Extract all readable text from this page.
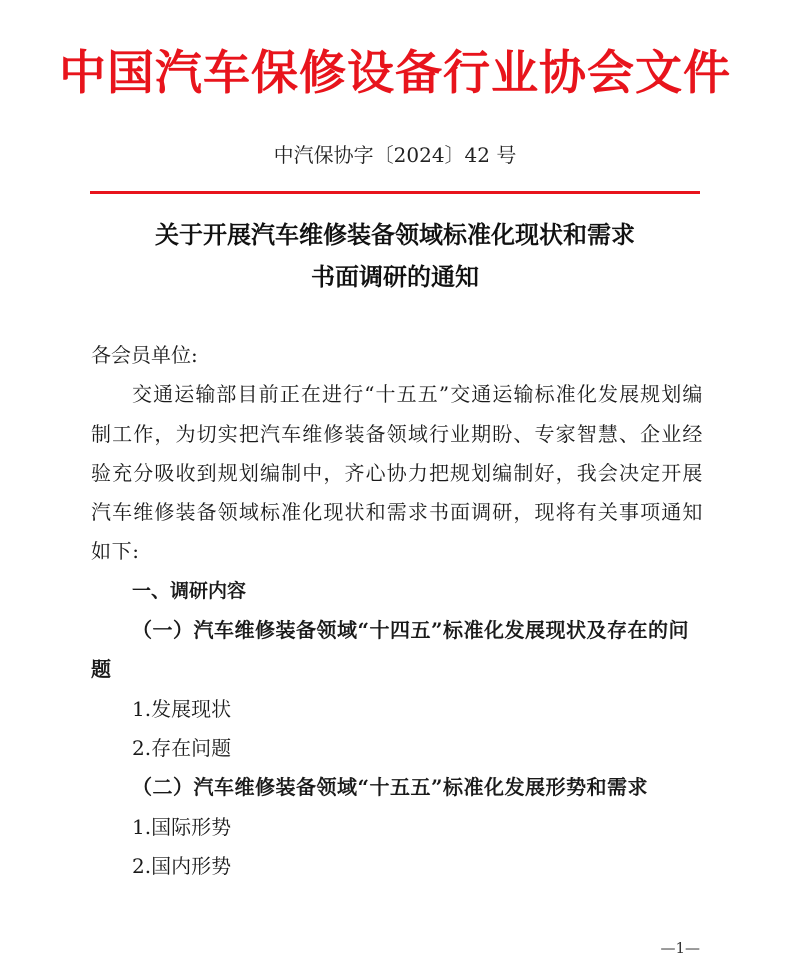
中国汽车保修设备行业协会文件
中汽保协字〔2024〕42 号
关于开展汽车维修装备领域标准化现状和需求
书面调研的通知

各会员单位:

交通运输部目前正在进行“十五五”交通运输标准化发展规划编制工作，为切实把汽车维修装备领域行业期盼、专家智慧、企业经验充分吸收到规划编制中，齐心协力把规划编制好，我会决定开展汽车维修装备领域标准化现状和需求书面调研，现将有关事项通知如下:

一、调研内容

（一）汽车维修装备领域“十四五”标准化发展现状及存在的问题

1.发展现状

2.存在问题

（二）汽车维修装备领域“十五五”标准化发展形势和需求

1.国际形势

2.国内形势

—1—
